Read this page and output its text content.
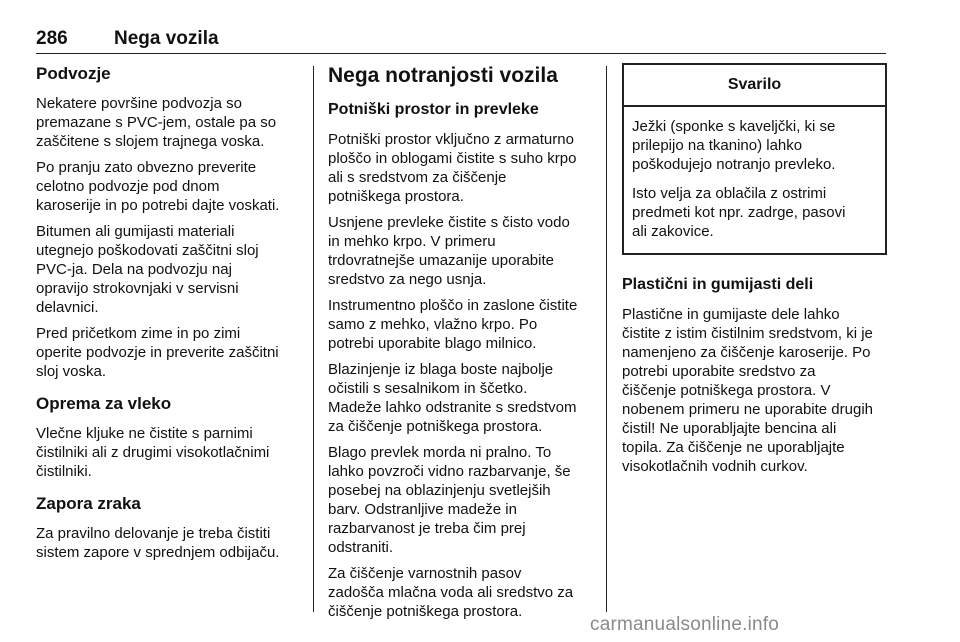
286 Nega vozila
Podvozje

Nekatere površine podvozja so
premazane s PVC-jem, ostale pa so
zaščitene s slojem trajnega voska.

Po pranju zato obvezno preverite
celotno podvozje pod dnom
karoserije in po potrebi dajte voskati.

Bitumen ali gumijasti materiali
utegnejo poškodovati zaščitni sloj
PVC-ja. Dela na podvozju naj
opravijo strokovnjaki v servisni
delavnici.

Pred pričetkom zime in po zimi
operite podvozje in preverite zaščitni
sloj voska.

Oprema za vleko

Vlečne kljuke ne čistite s parnimi
čistilniki ali z drugimi visokotlačnimi
čistilniki.

Zapora zraka

Za pravilno delovanje je treba čistiti
sistem zapore v sprednjem odbijaču.

Nega notranjosti vozila
Potniški prostor in prevleke

Potniški prostor vključno z armaturno
ploščo in oblogami čistite s suho krpo
ali s sredstvom za čiščenje
potniškega prostora.

Usnjene prevleke čistite s čisto vodo
in mehko krpo. V primeru
trdovratnejše umazanije uporabite
sredstvo za nego usnja.

Instrumentno ploščo in zaslone čistite
samo z mehko, vlažno krpo. Po
potrebi uporabite blago milnico.

Blazinjenje iz blaga boste najbolje
očistili s sesalnikom in ščetko.
Madeže lahko odstranite s sredstvom
za čiščenje potniškega prostora.

Blago prevlek morda ni pralno. To
lahko povzroči vidno razbarvanje, še
posebej na oblazinjenju svetlejših
barv. Odstranljive madeže in
razbarvanost je treba čim prej
odstraniti.

Za čiščenje varnostnih pasov
zadošča mlačna voda ali sredstvo za
čiščenje potniškega prostora.

Svarilo

Ježki (sponke s kaveljčki, ki se
prilepijo na tkanino) lahko
poškodujejo notranjo prevleko.

Isto velja za oblačila z ostrimi
predmeti kot npr. zadrge, pasovi
ali zakovice.

Plastični in gumijasti deli

Plastične in gumijaste dele lahko
čistite z istim čistilnim sredstvom, ki je
namenjeno za čiščenje karoserije. Po
potrebi uporabite sredstvo za
čiščenje potniškega prostora. V
nobenem primeru ne uporabite drugih
čistil! Ne uporabljajte bencina ali
topila. Za čiščenje ne uporabljajte
visokotlačnih vodnih curkov.

carmanualsonline.info
